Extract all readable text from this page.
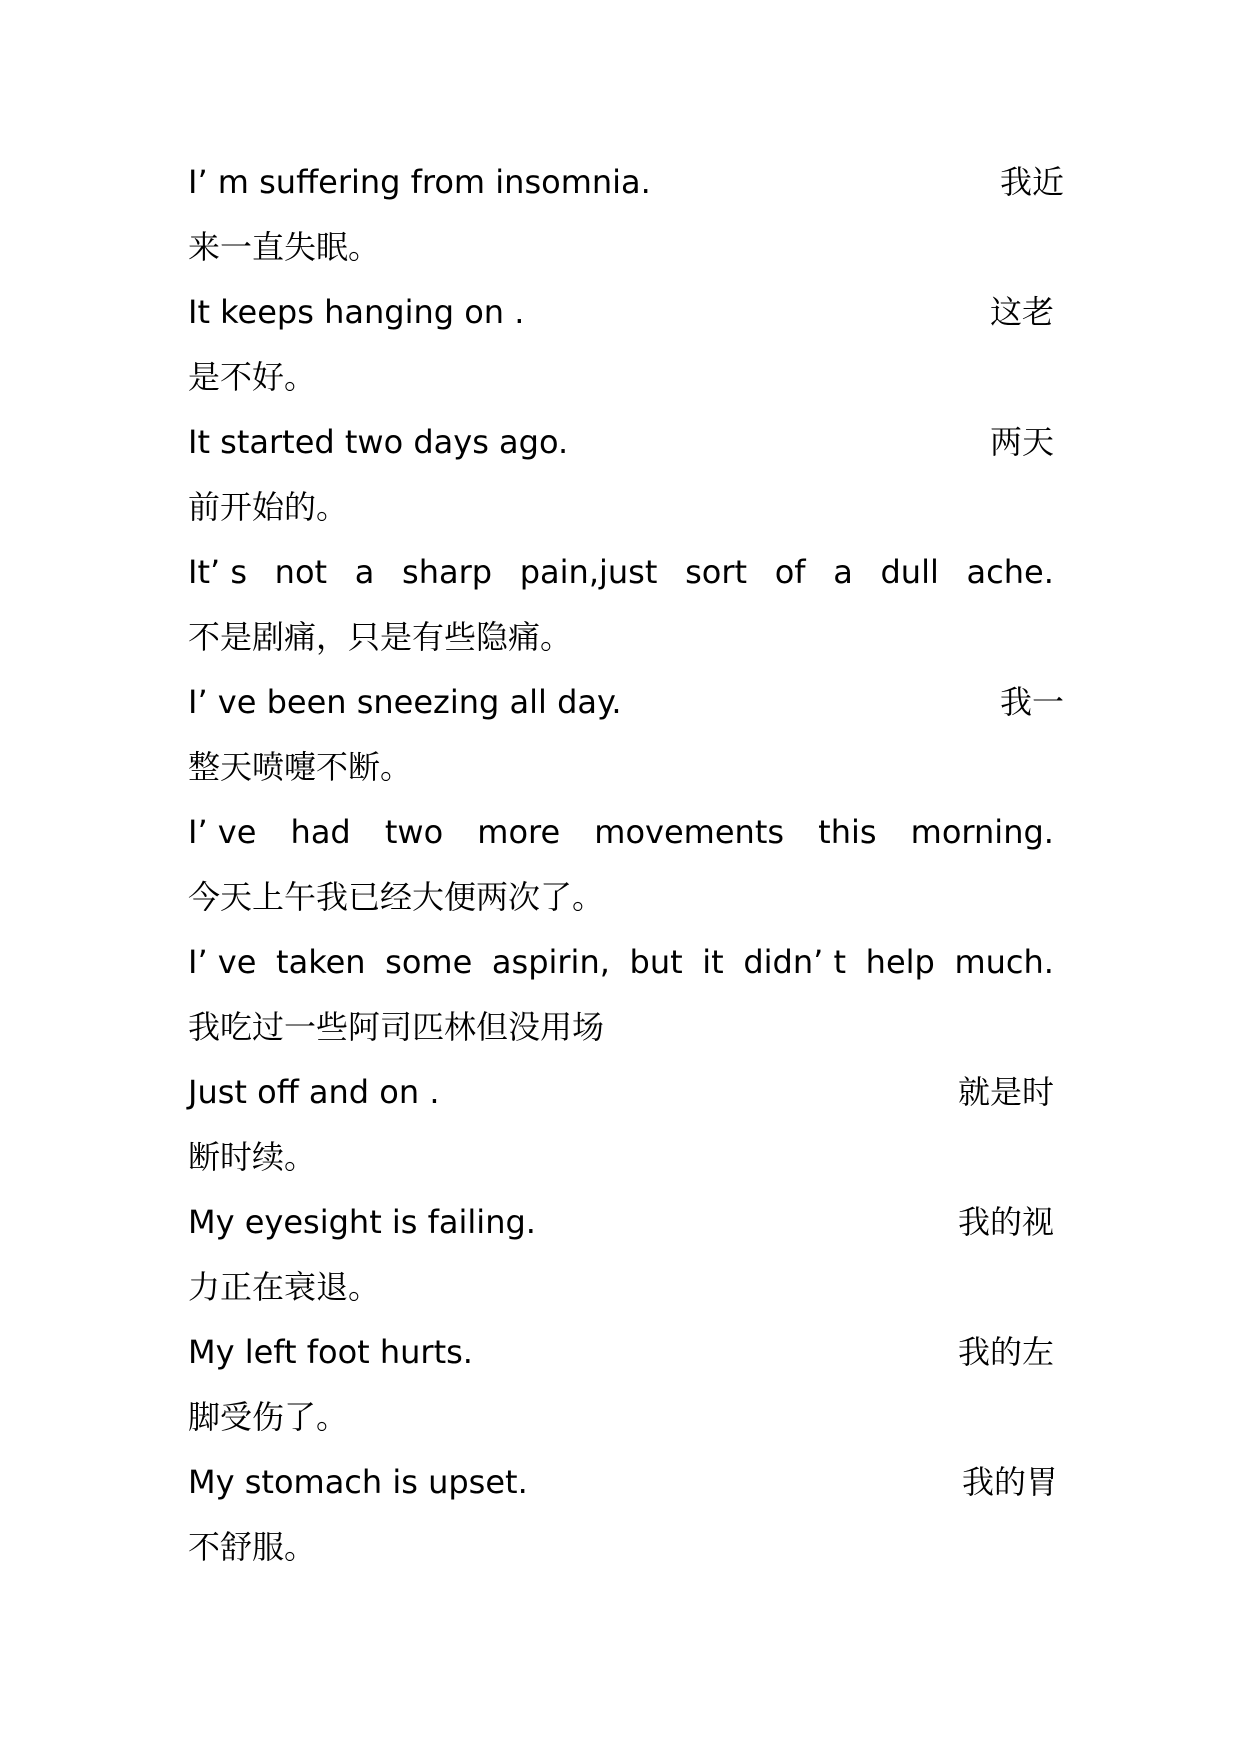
I’ m suffering from insomnia.	我近
来一直失眠。
It keeps hanging on .	这老
是不好。
It started two days ago.	两天
前开始的。
It’ s not a sharp pain,just sort of a dull ache.
不是剧痛，只是有些隐痛。
I’ ve been sneezing all day.	我一
整天喷嚏不断。
I’ ve had two more movements this morning.
今天上午我已经大便两次了。
I’ ve taken some aspirin, but it didn’ t help much.
我吃过一些阿司匹林但没用场
Just off and on .	就是时
断时续。
My eyesight is failing.	我的视
力正在衰退。
My left foot hurts.	我的左
脚受伤了。
My stomach is upset.	我的胃
不舒服。
